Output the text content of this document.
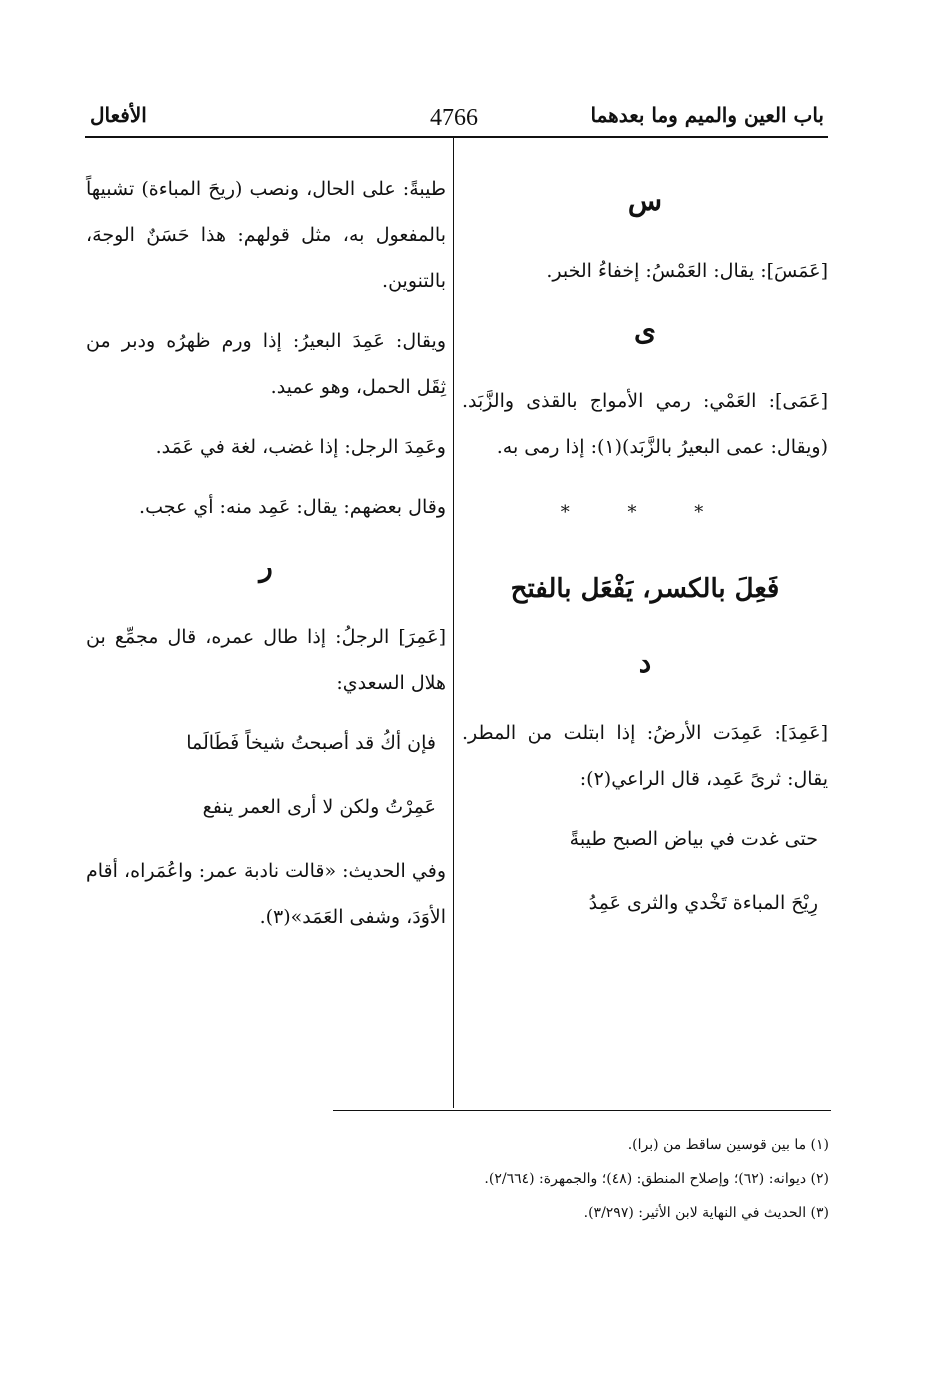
باب العين والميم وما بعدهما
4766
الأفعال
س

[عَمَسَ]: يقال: العَمْسُ: إخفاءُ الخبر.

ى

[عَمَى]: العَمْي: رمي الأمواج بالقذى والزَّبَد. (ويقال: عمى البعيرُ بالزَّبَد)(١): إذا رمى به.

* * *
فَعِلَ بالكسر، يَفْعَل بالفتح
د

[عَمِدَ]: عَمِدَت الأرضُ: إذا ابتلت من المطر. يقال: ثرىً عَمِد، قال الراعي(٢):

حتى غدت في بياض الصبح طيبةً
رِيْحَ المباءة تَخْدي والثرى عَمِدُ

طيبةً: على الحال، ونصب (ريحَ المباءة) تشبيهاً بالمفعول به، مثل قولهم: هذا حَسَنٌ الوجهَ، بالتنوين.

ويقال: عَمِدَ البعيرُ: إذا ورم ظهرُه ودبر من ثِقَل الحمل، وهو عميد.

وعَمِدَ الرجل: إذا غضب، لغة في عَمَد.

وقال بعضهم: يقال: عَمِد منه: أي عجب.

ر

[عَمِرَ] الرجلُ: إذا طال عمره، قال مجمِّع بن هلال السعدي:

فإن أكُ قد أصبحتُ شيخاً فَطَالَما
عَمِرْتُ ولكن لا أرى العمر ينفع

وفي الحديث: «قالت نادبة عمر: واعُمَراه، أقام الأوَدَ، وشفى العَمَد»(٣).

(١) ما بين قوسين ساقط من (برا).
(٢) ديوانه: (٦٢)؛ وإصلاح المنطق: (٤٨)؛ والجمهرة: (٢/٦٦٤).
(٣) الحديث في النهاية لابن الأثير: (٣/٢٩٧).
